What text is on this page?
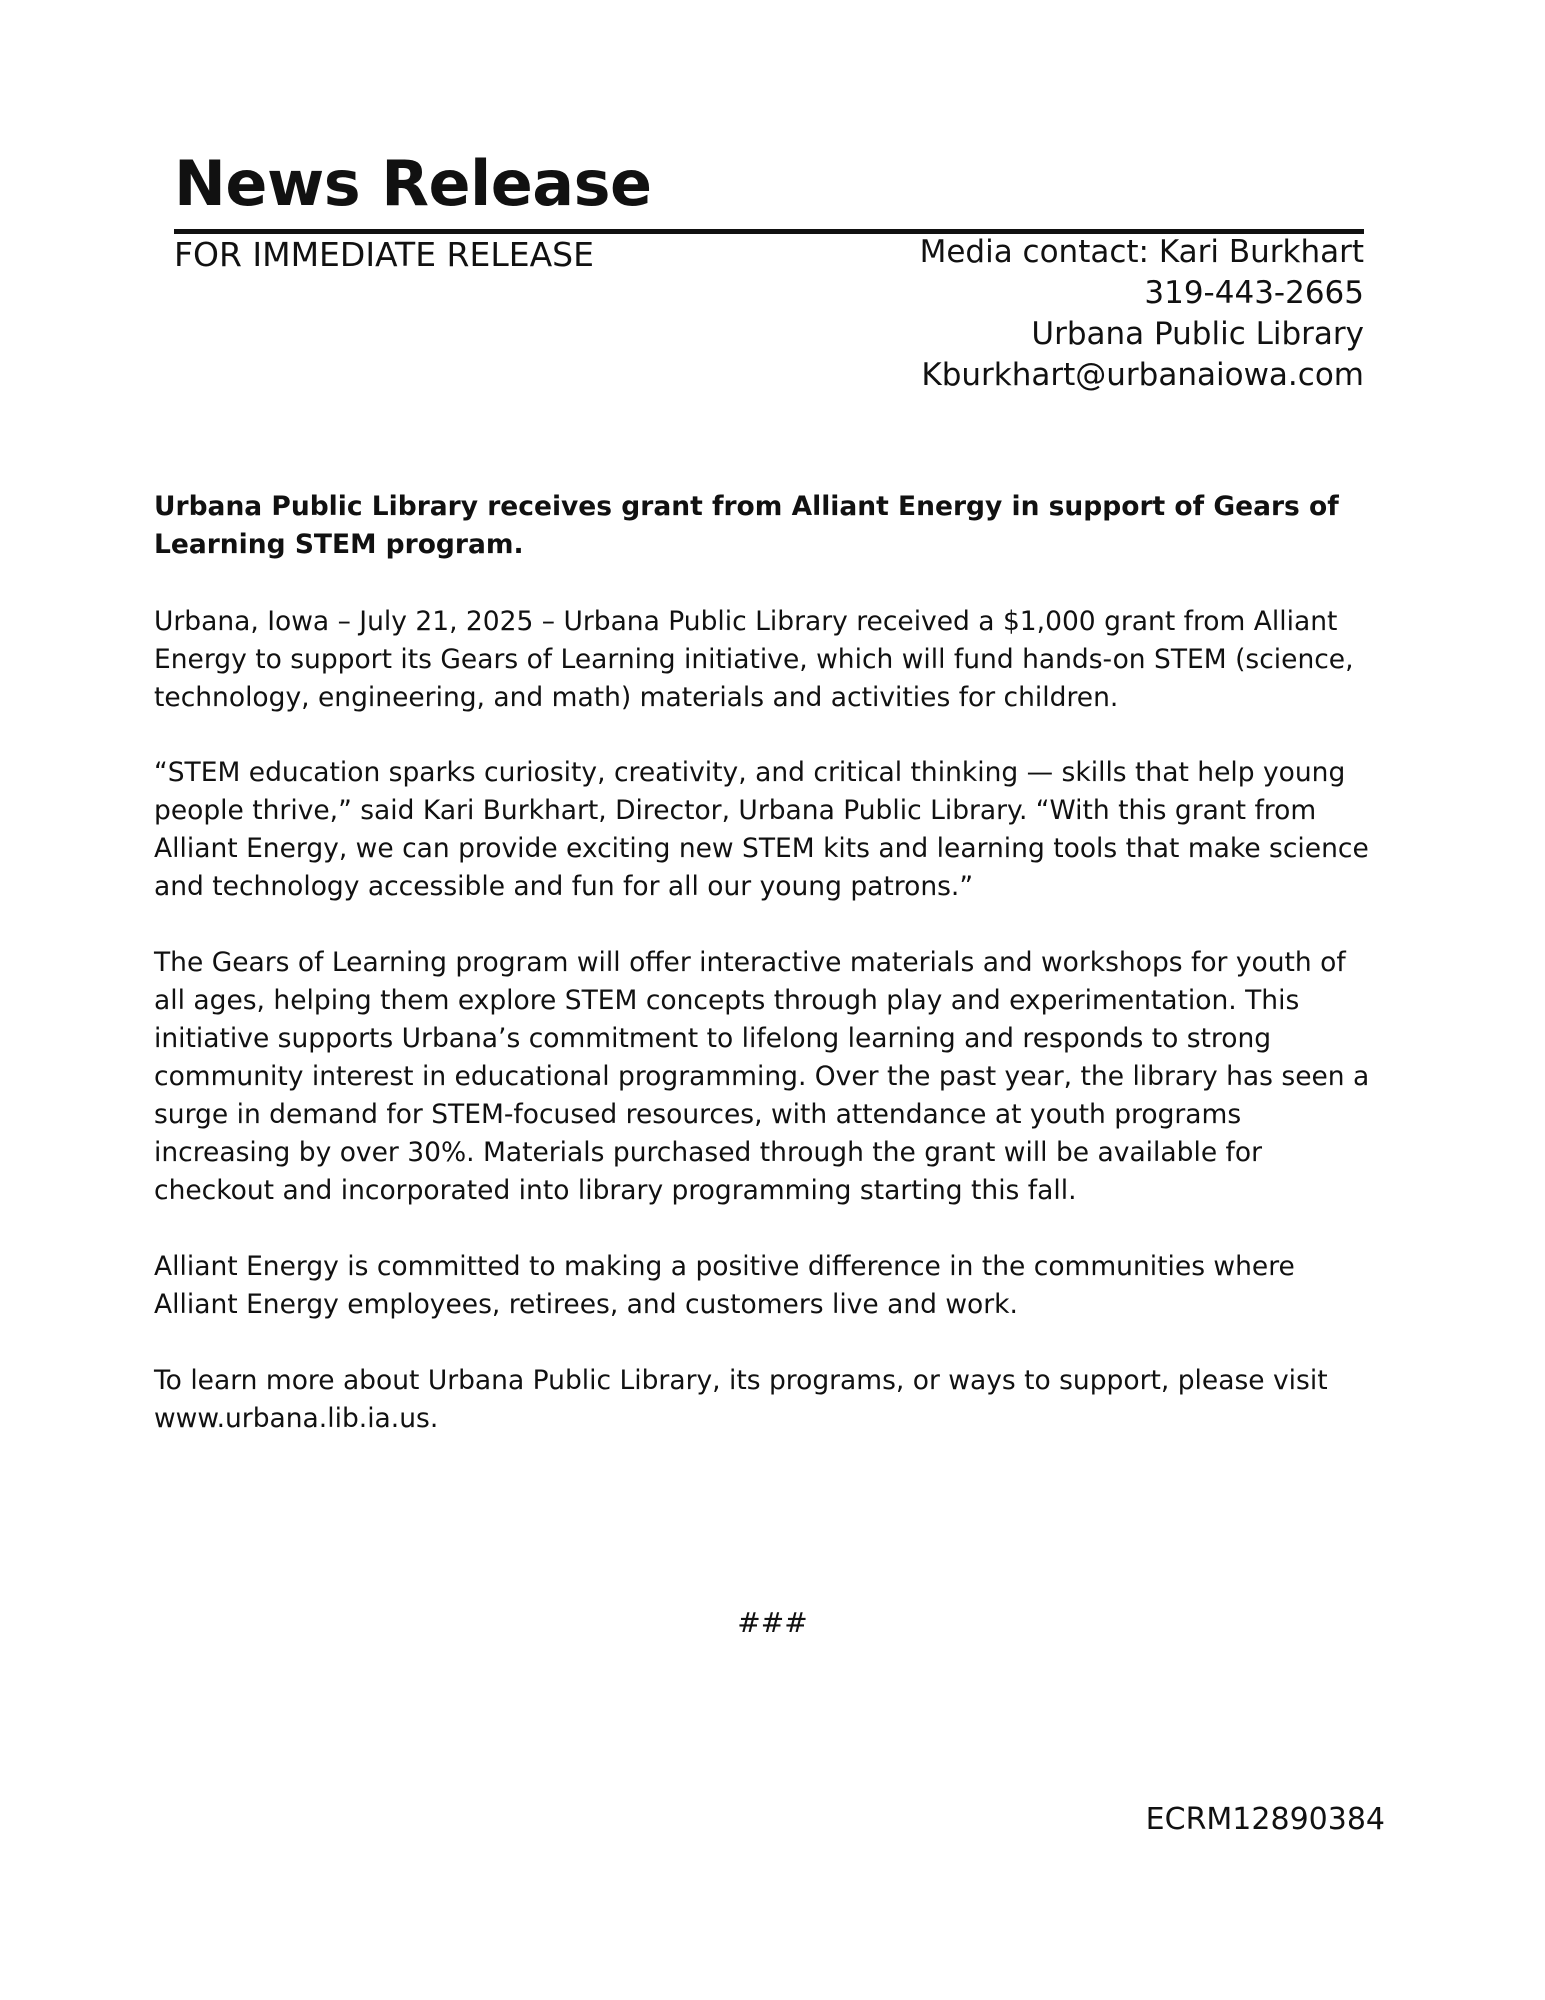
News Release
FOR IMMEDIATE RELEASE	Media contact: Kari Burkhart
319-443-2665
Urbana Public Library
Kburkhart@urbanaiowa.com

Urbana Public Library receives grant from Alliant Energy in support of Gears of Learning STEM program.

Urbana, Iowa – July 21, 2025 – Urbana Public Library received a $1,000 grant from Alliant Energy to support its Gears of Learning initiative, which will fund hands-on STEM (science, technology, engineering, and math) materials and activities for children.

“STEM education sparks curiosity, creativity, and critical thinking — skills that help young people thrive,” said Kari Burkhart, Director, Urbana Public Library. “With this grant from Alliant Energy, we can provide exciting new STEM kits and learning tools that make science and technology accessible and fun for all our young patrons.”

The Gears of Learning program will offer interactive materials and workshops for youth of all ages, helping them explore STEM concepts through play and experimentation. This initiative supports Urbana’s commitment to lifelong learning and responds to strong community interest in educational programming. Over the past year, the library has seen a surge in demand for STEM-focused resources, with attendance at youth programs increasing by over 30%. Materials purchased through the grant will be available for checkout and incorporated into library programming starting this fall.

Alliant Energy is committed to making a positive difference in the communities where Alliant Energy employees, retirees, and customers live and work.

To learn more about Urbana Public Library, its programs, or ways to support, please visit www.urbana.lib.ia.us.

###
ECRM12890384
